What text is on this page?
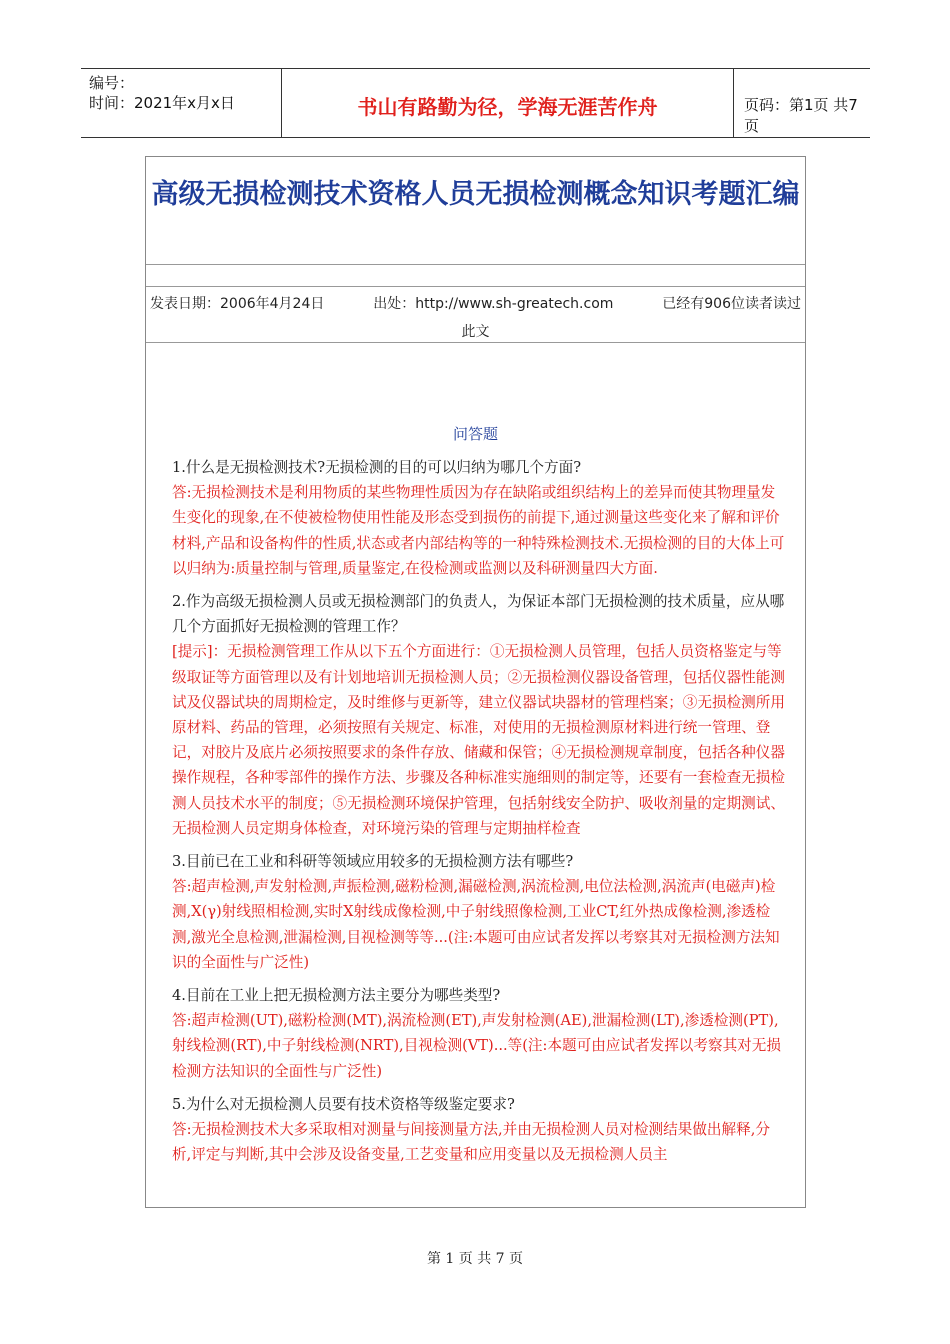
编号：
时间：2021年x月x日	书山有路勤为径，学海无涯苦作舟	页码：第1页 共7页
高级无损检测技术资格人员无损检测概念知识考题汇编
发表日期：2006年4月24日	出处：http://www.sh-greatech.com	已经有906位读者读过
此文
问答题
1.什么是无损检测技术?无损检测的目的可以归纳为哪几个方面?
答:无损检测技术是利用物质的某些物理性质因为存在缺陷或组织结构上的差异而使其物理量发生变化的现象,在不使被检物使用性能及形态受到损伤的前提下,通过测量这些变化来了解和评价材料,产品和设备构件的性质,状态或者内部结构等的一种特殊检测技术.无损检测的目的大体上可以归纳为:质量控制与管理,质量鉴定,在役检测或监测以及科研测量四大方面.
2.作为高级无损检测人员或无损检测部门的负责人，为保证本部门无损检测的技术质量，应从哪几个方面抓好无损检测的管理工作？
[提示]：无损检测管理工作从以下五个方面进行：①无损检测人员管理，包括人员资格鉴定与等级取证等方面管理以及有计划地培训无损检测人员；②无损检测仪器设备管理，包括仪器性能测试及仪器试块的周期检定，及时维修与更新等，建立仪器试块器材的管理档案；③无损检测所用原材料、药品的管理，必须按照有关规定、标准，对使用的无损检测原材料进行统一管理、登记，对胶片及底片必须按照要求的条件存放、储藏和保管；④无损检测规章制度，包括各种仪器操作规程，各种零部件的操作方法、步骤及各种标准实施细则的制定等，还要有一套检查无损检测人员技术水平的制度；⑤无损检测环境保护管理，包括射线安全防护、吸收剂量的定期测试、无损检测人员定期身体检查，对环境污染的管理与定期抽样检查
3.目前已在工业和科研等领域应用较多的无损检测方法有哪些?
答:超声检测,声发射检测,声振检测,磁粉检测,漏磁检测,涡流检测,电位法检测,涡流声(电磁声)检测,X(γ)射线照相检测,实时X射线成像检测,中子射线照像检测,工业CT,红外热成像检测,渗透检测,激光全息检测,泄漏检测,目视检测等等...(注:本题可由应试者发挥以考察其对无损检测方法知识的全面性与广泛性)
4.目前在工业上把无损检测方法主要分为哪些类型?
答:超声检测(UT),磁粉检测(MT),涡流检测(ET),声发射检测(AE),泄漏检测(LT),渗透检测(PT),射线检测(RT),中子射线检测(NRT),目视检测(VT)...等(注:本题可由应试者发挥以考察其对无损检测方法知识的全面性与广泛性)
5.为什么对无损检测人员要有技术资格等级鉴定要求?
答:无损检测技术大多采取相对测量与间接测量方法,并由无损检测人员对检测结果做出解释,分析,评定与判断,其中会涉及设备变量,工艺变量和应用变量以及无损检测人员主
第 1 页 共 7 页
